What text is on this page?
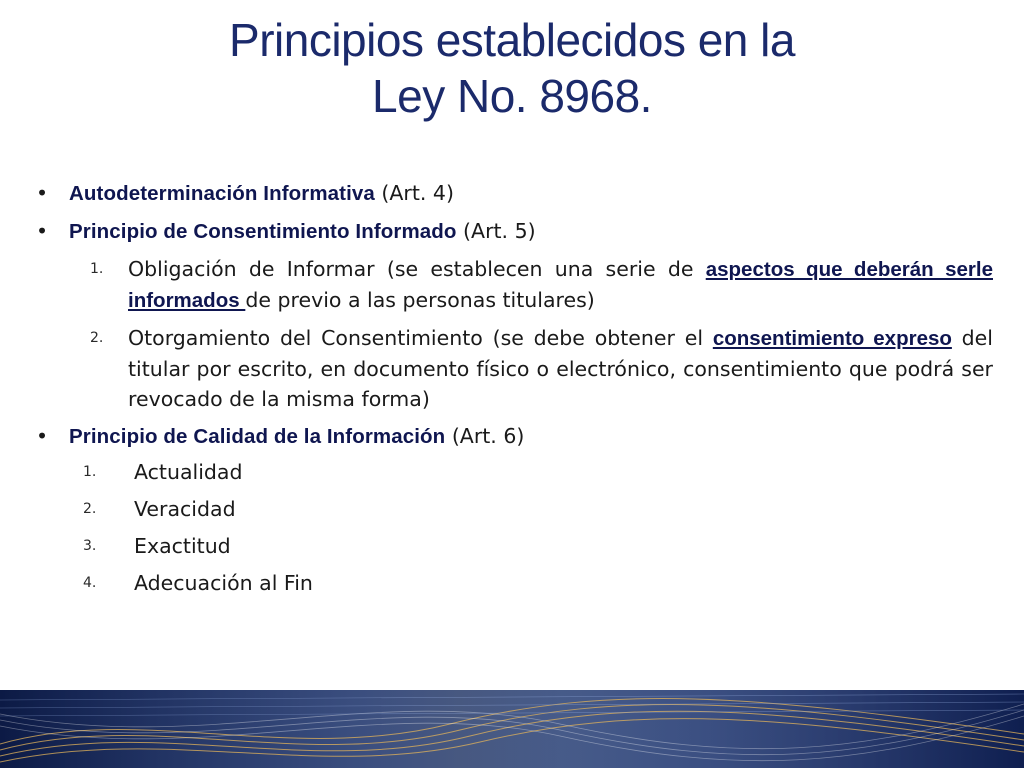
Principios establecidos en la
Ley No. 8968.
•	Autodeterminación Informativa (Art. 4)
•	Principio de Consentimiento Informado (Art. 5)
1. Obligación de Informar (se establecen una serie de aspectos que deberán serle informados de previo a las personas titulares)
2. Otorgamiento del Consentimiento (se debe obtener el consentimiento expreso del titular por escrito, en documento físico o electrónico, consentimiento que podrá ser revocado de la misma forma)
•	Principio de Calidad de la Información (Art. 6)
1. Actualidad
2. Veracidad
3. Exactitud
4. Adecuación al Fin
